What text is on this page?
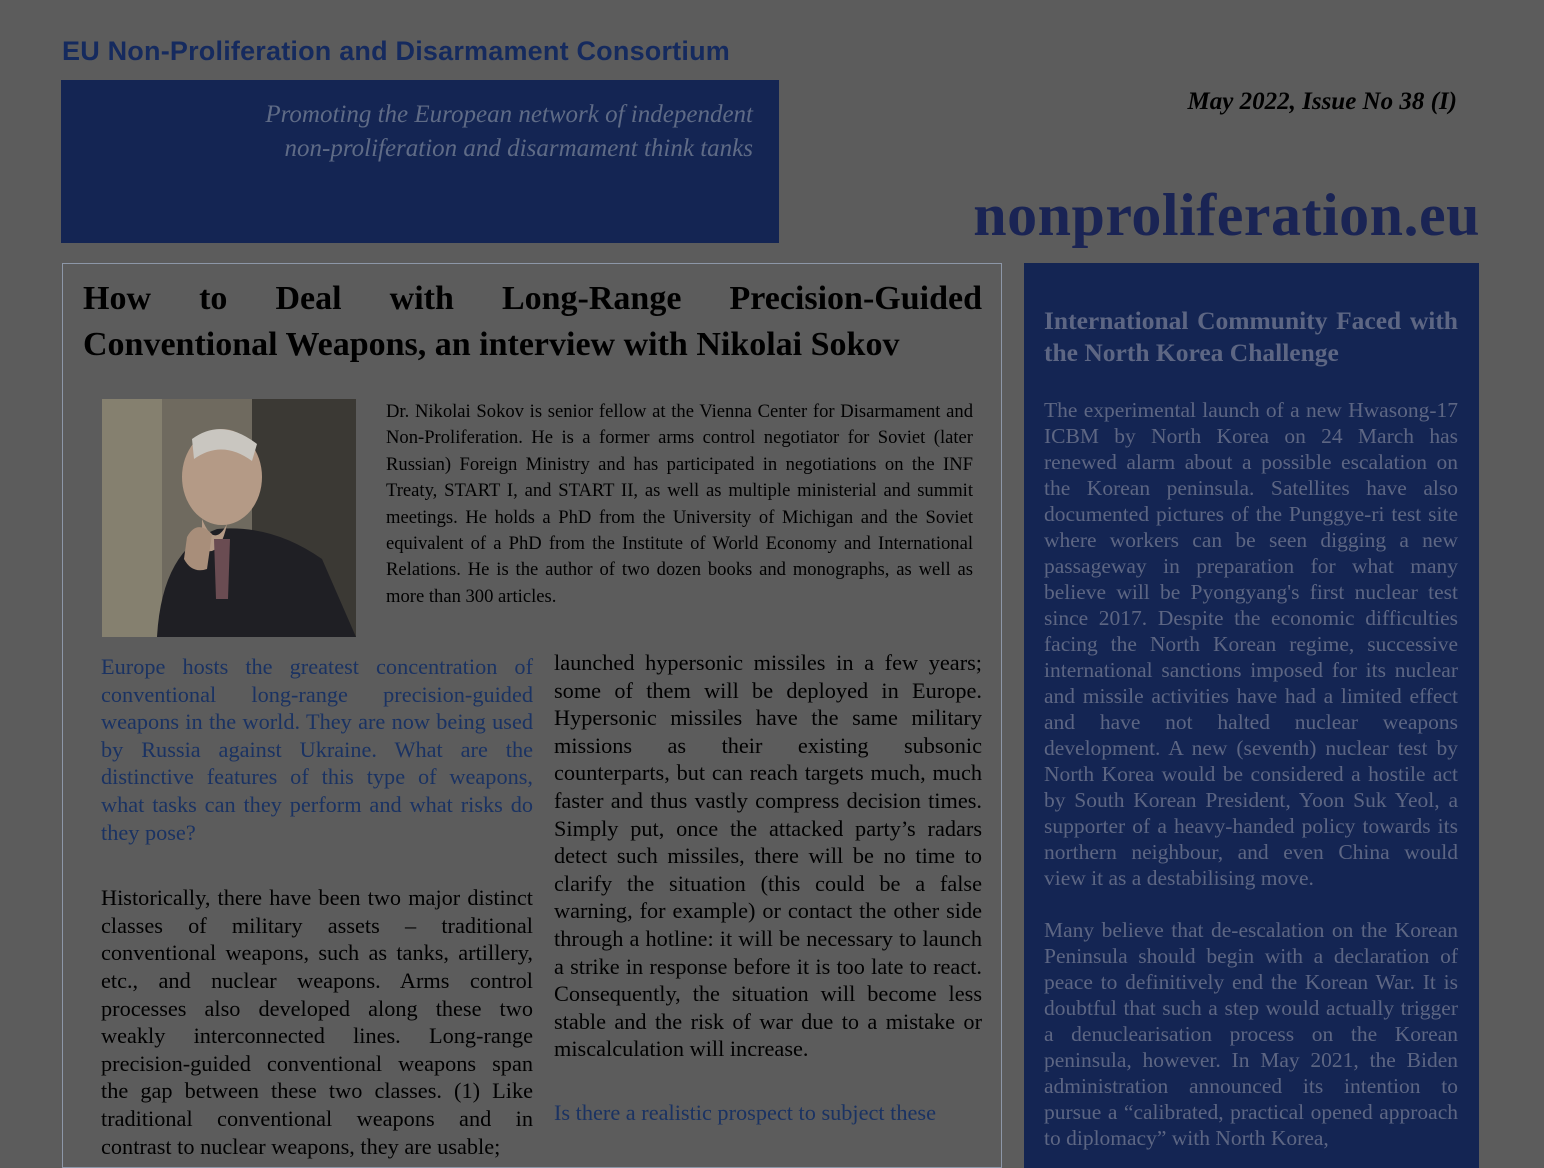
EU Non-Proliferation and Disarmament Consortium
Promoting the European network of independent
non-proliferation and disarmament think tanks
May 2022, Issue No 38 (I)
nonproliferation.eu
How to Deal with Long-Range Precision-Guided Conventional Weapons, an interview with Nikolai Sokov
Dr. Nikolai Sokov is senior fellow at the Vienna Center for Disarmament and Non-Proliferation. He is a former arms control negotiator for Soviet (later Russian) Foreign Ministry and has participated in negotiations on the INF Treaty, START I, and START II, as well as multiple ministerial and summit meetings. He holds a PhD from the University of Michigan and the Soviet equivalent of a PhD from the Institute of World Economy and International Relations. He is the author of two dozen books and monographs, as well as more than 300 articles.

Europe hosts the greatest concentration of conventional long-range precision-guided weapons in the world. They are now being used by Russia against Ukraine. What are the distinctive features of this type of weapons, what tasks can they perform and what risks do they pose?

Historically, there have been two major distinct classes of military assets – traditional conventional weapons, such as tanks, artillery, etc., and nuclear weapons. Arms control processes also developed along these two weakly interconnected lines. Long-range precision-guided conventional weapons span the gap between these two classes. (1) Like traditional conventional weapons and in contrast to nuclear weapons, they are usable;

launched hypersonic missiles in a few years; some of them will be deployed in Europe. Hypersonic missiles have the same military missions as their existing subsonic counterparts, but can reach targets much, much faster and thus vastly compress decision times. Simply put, once the attacked party’s radars detect such missiles, there will be no time to clarify the situation (this could be a false warning, for example) or contact the other side through a hotline: it will be necessary to launch a strike in response before it is too late to react. Consequently, the situation will become less stable and the risk of war due to a mistake or miscalculation will increase.

Is there a realistic prospect to subject these

International Community Faced with the North Korea Challenge

The experimental launch of a new Hwasong-17 ICBM by North Korea on 24 March has renewed alarm about a possible escalation on the Korean peninsula. Satellites have also documented pictures of the Punggye-ri test site where workers can be seen digging a new passageway in preparation for what many believe will be Pyongyang's first nuclear test since 2017. Despite the economic difficulties facing the North Korean regime, successive international sanctions imposed for its nuclear and missile activities have had a limited effect and have not halted nuclear weapons development. A new (seventh) nuclear test by North Korea would be considered a hostile act by South Korean President, Yoon Suk Yeol, a supporter of a heavy-handed policy towards its northern neighbour, and even China would view it as a destabilising move.

Many believe that de-escalation on the Korean Peninsula should begin with a declaration of peace to definitively end the Korean War. It is doubtful that such a step would actually trigger a denuclearisation process on the Korean peninsula, however. In May 2021, the Biden administration announced its intention to pursue a “calibrated, practical opened approach to diplomacy” with North Korea,
